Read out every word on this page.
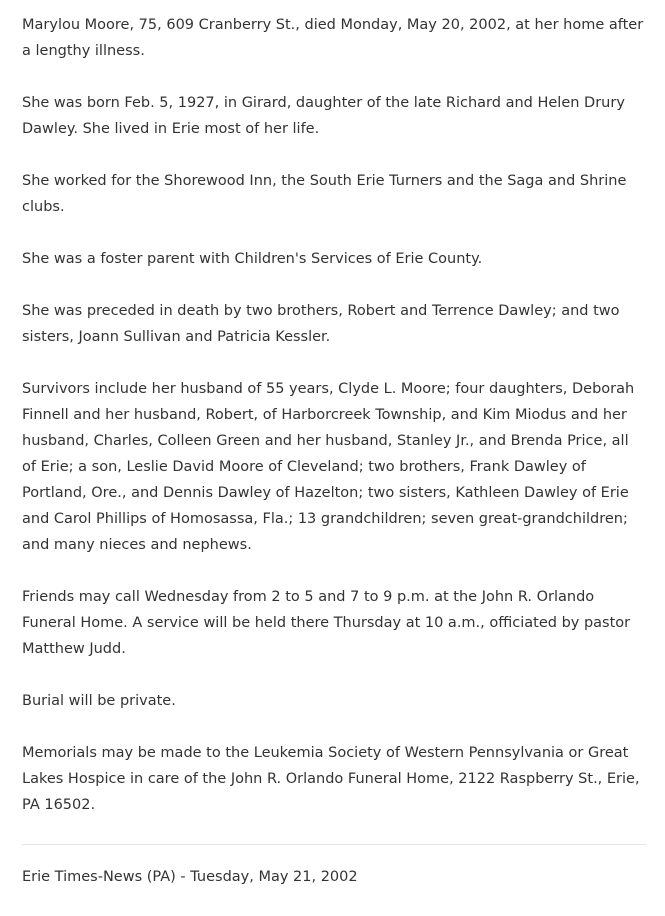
Marylou Moore, 75, 609 Cranberry St., died Monday, May 20, 2002, at her home after a lengthy illness.

She was born Feb. 5, 1927, in Girard, daughter of the late Richard and Helen Drury Dawley. She lived in Erie most of her life.

She worked for the Shorewood Inn, the South Erie Turners and the Saga and Shrine clubs.

She was a foster parent with Children's Services of Erie County.

She was preceded in death by two brothers, Robert and Terrence Dawley; and two sisters, Joann Sullivan and Patricia Kessler.

Survivors include her husband of 55 years, Clyde L. Moore; four daughters, Deborah Finnell and her husband, Robert, of Harborcreek Township, and Kim Miodus and her husband, Charles, Colleen Green and her husband, Stanley Jr., and Brenda Price, all of Erie; a son, Leslie David Moore of Cleveland; two brothers, Frank Dawley of Portland, Ore., and Dennis Dawley of Hazelton; two sisters, Kathleen Dawley of Erie and Carol Phillips of Homosassa, Fla.; 13 grandchildren; seven great-grandchildren; and many nieces and nephews.

Friends may call Wednesday from 2 to 5 and 7 to 9 p.m. at the John R. Orlando Funeral Home. A service will be held there Thursday at 10 a.m., officiated by pastor Matthew Judd.

Burial will be private.

Memorials may be made to the Leukemia Society of Western Pennsylvania or Great Lakes Hospice in care of the John R. Orlando Funeral Home, 2122 Raspberry St., Erie, PA 16502.

Erie Times-News (PA) - Tuesday, May 21, 2002
